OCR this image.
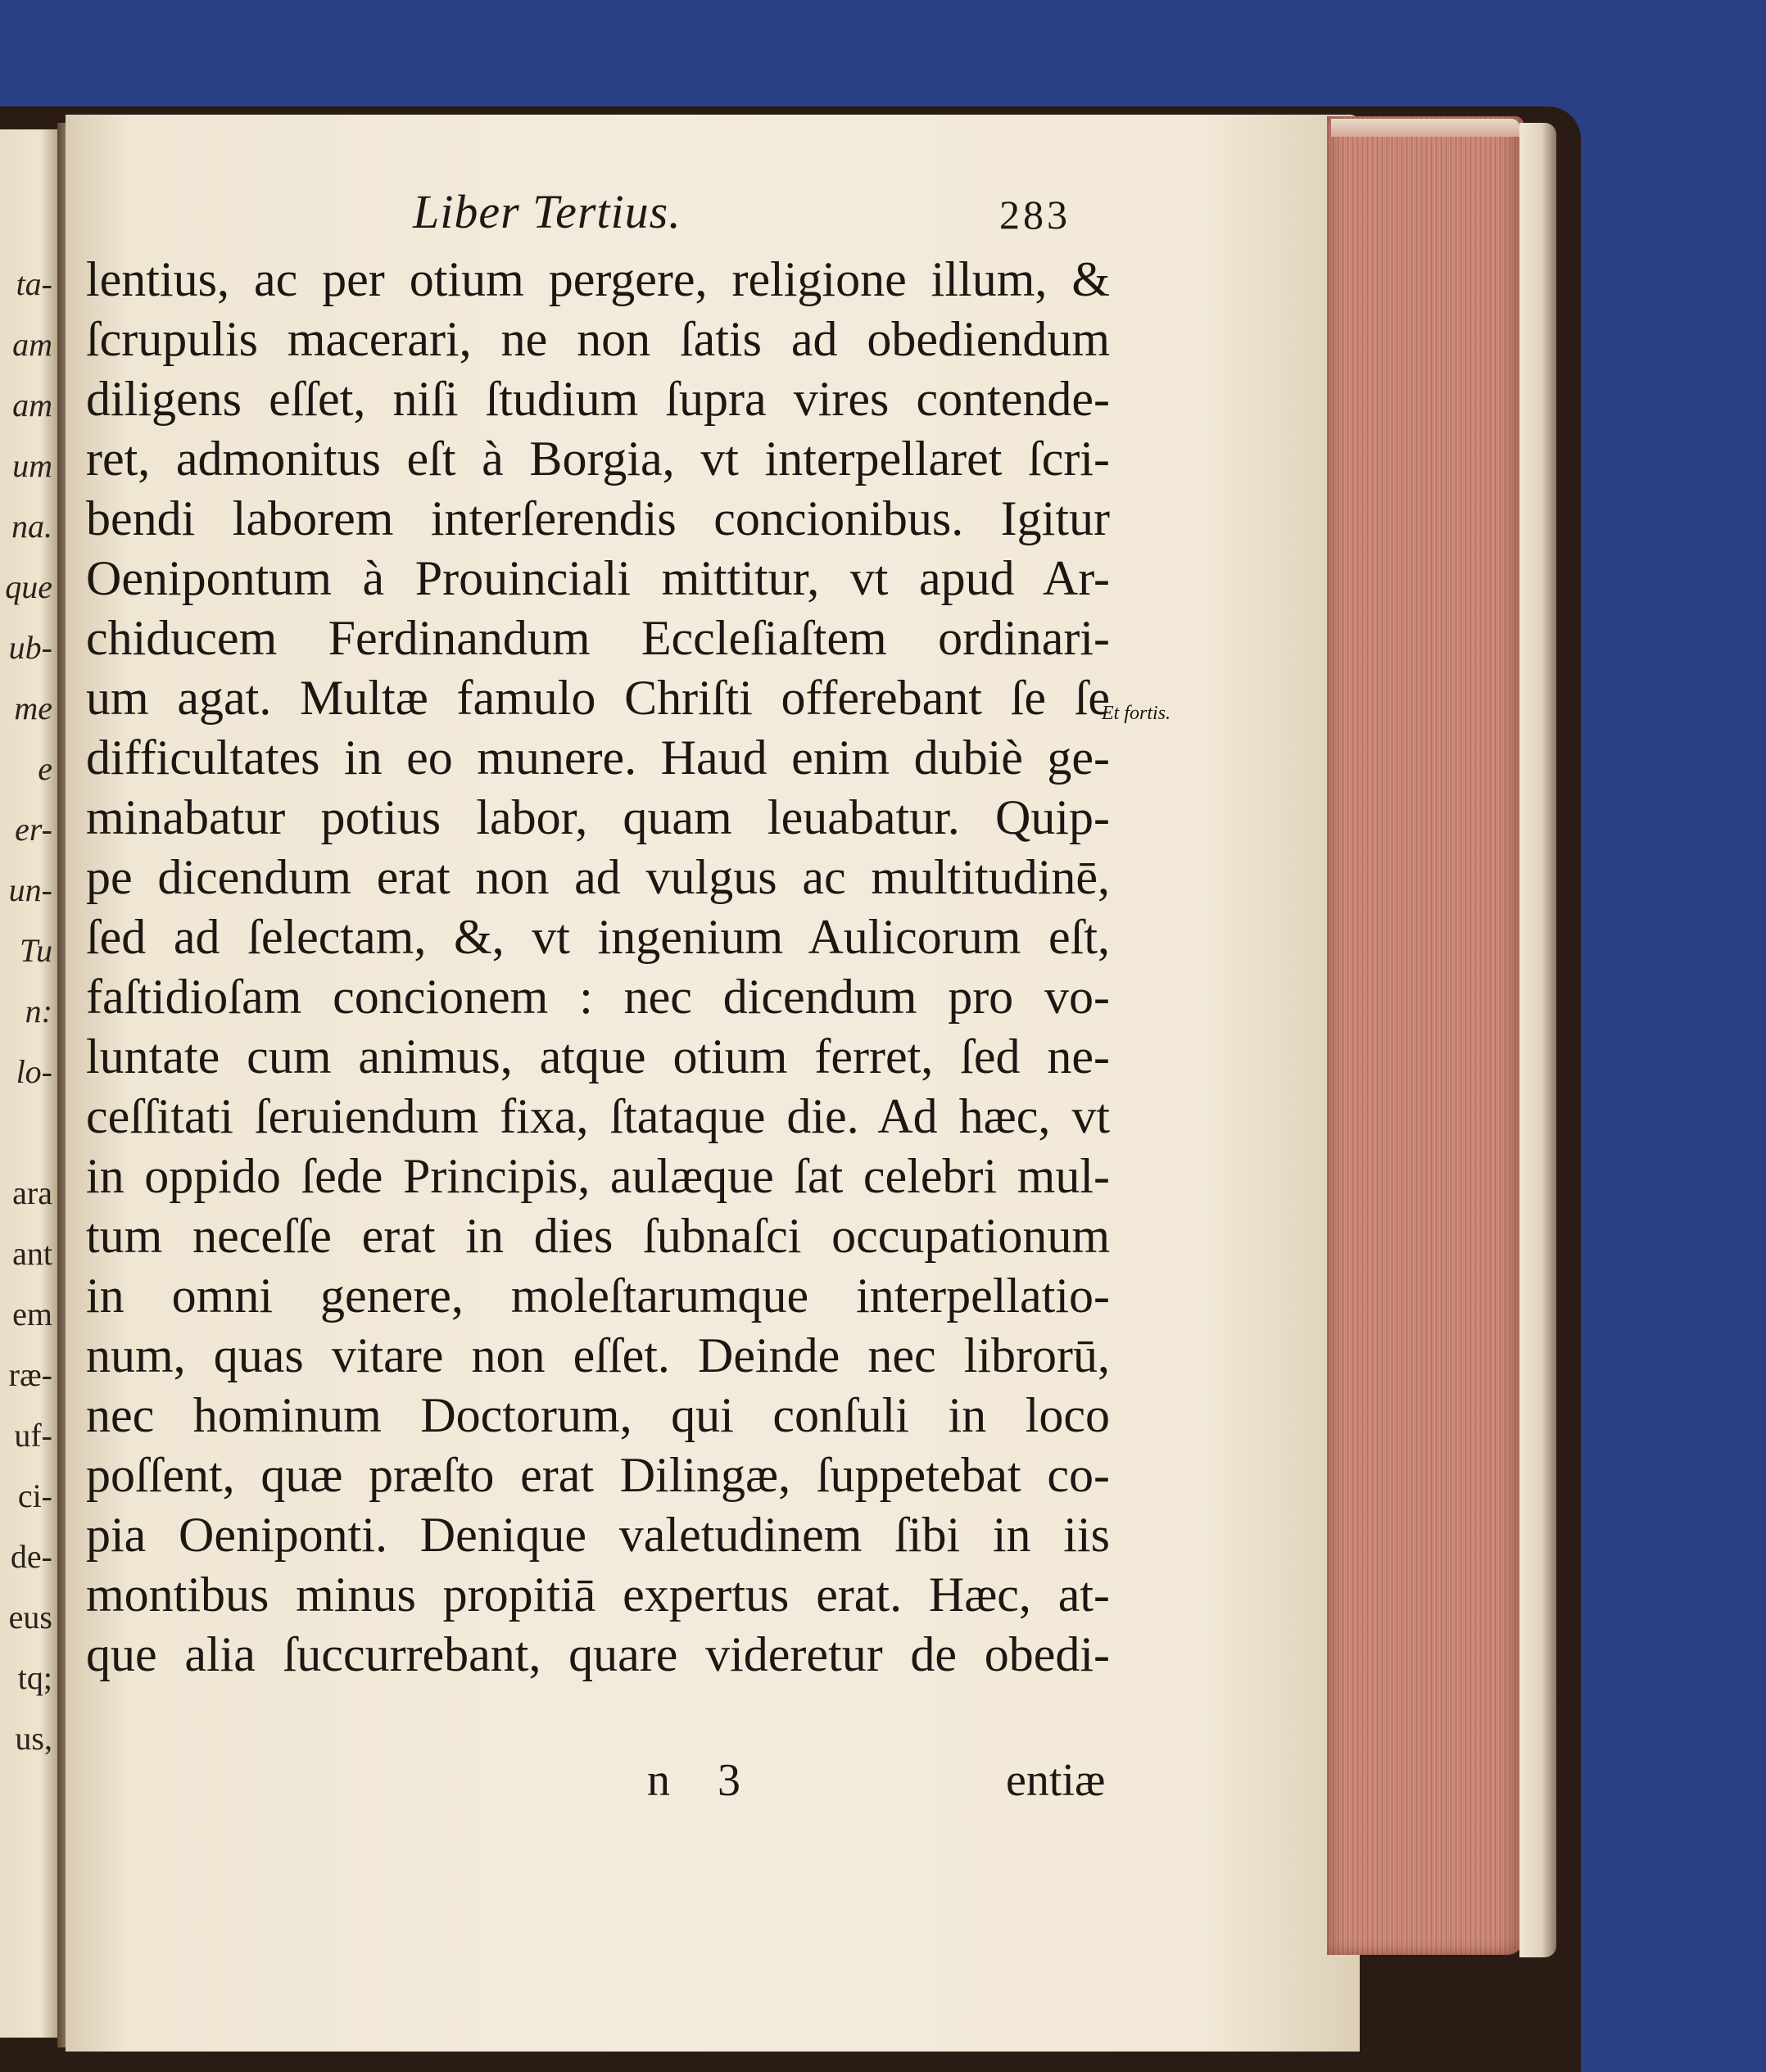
ta-
am
am
um
na.
que
ub-
me
e
er-
un-
Tu
n:
lo-
ara
ant
em
ræ-
uf-
ci-
de-
eus
tq;
us,
Liber Tertius.	283
lentius, ac per otium pergere, religione illum, &
ſcrupulis macerari, ne non ſatis ad obediendum
diligens eſſet, niſi ſtudium ſupra vires contende-
ret, admonitus eſt à Borgia, vt interpellaret ſcri-
bendi laborem interſerendis concionibus. Igitur
Oenipontum à Prouinciali mittitur, vt apud Ar-
chiducem Ferdinandum Eccleſiaſtem ordinari-
um agat. Multæ famulo Chriſti offerebant ſe ſe
difficultates in eo munere. Haud enim dubiè ge-
minabatur potius labor, quam leuabatur. Quip-
pe dicendum erat non ad vulgus ac multitudinē,
ſed ad ſelectam, &, vt ingenium Aulicorum eſt,
faſtidioſam concionem : nec dicendum pro vo-
luntate cum animus, atque otium ferret, ſed ne-
ceſſitati ſeruiendum fixa, ſtataque die. Ad hæc, vt
in oppido ſede Principis, aulæque ſat celebri mul-
tum neceſſe erat in dies ſubnaſci occupationum
in omni genere, moleſtarumque interpellatio-
num, quas vitare non eſſet. Deinde nec librorū,
nec hominum Doctorum, qui conſuli in loco
poſſent, quæ præſto erat Dilingæ, ſuppetebat co-
pia Oeniponti. Denique valetudinem ſibi in iis
montibus minus propitiā expertus erat. Hæc, at-
que alia ſuccurrebant, quare videretur de obedi-
Et fortis.
n 3	entiæ
